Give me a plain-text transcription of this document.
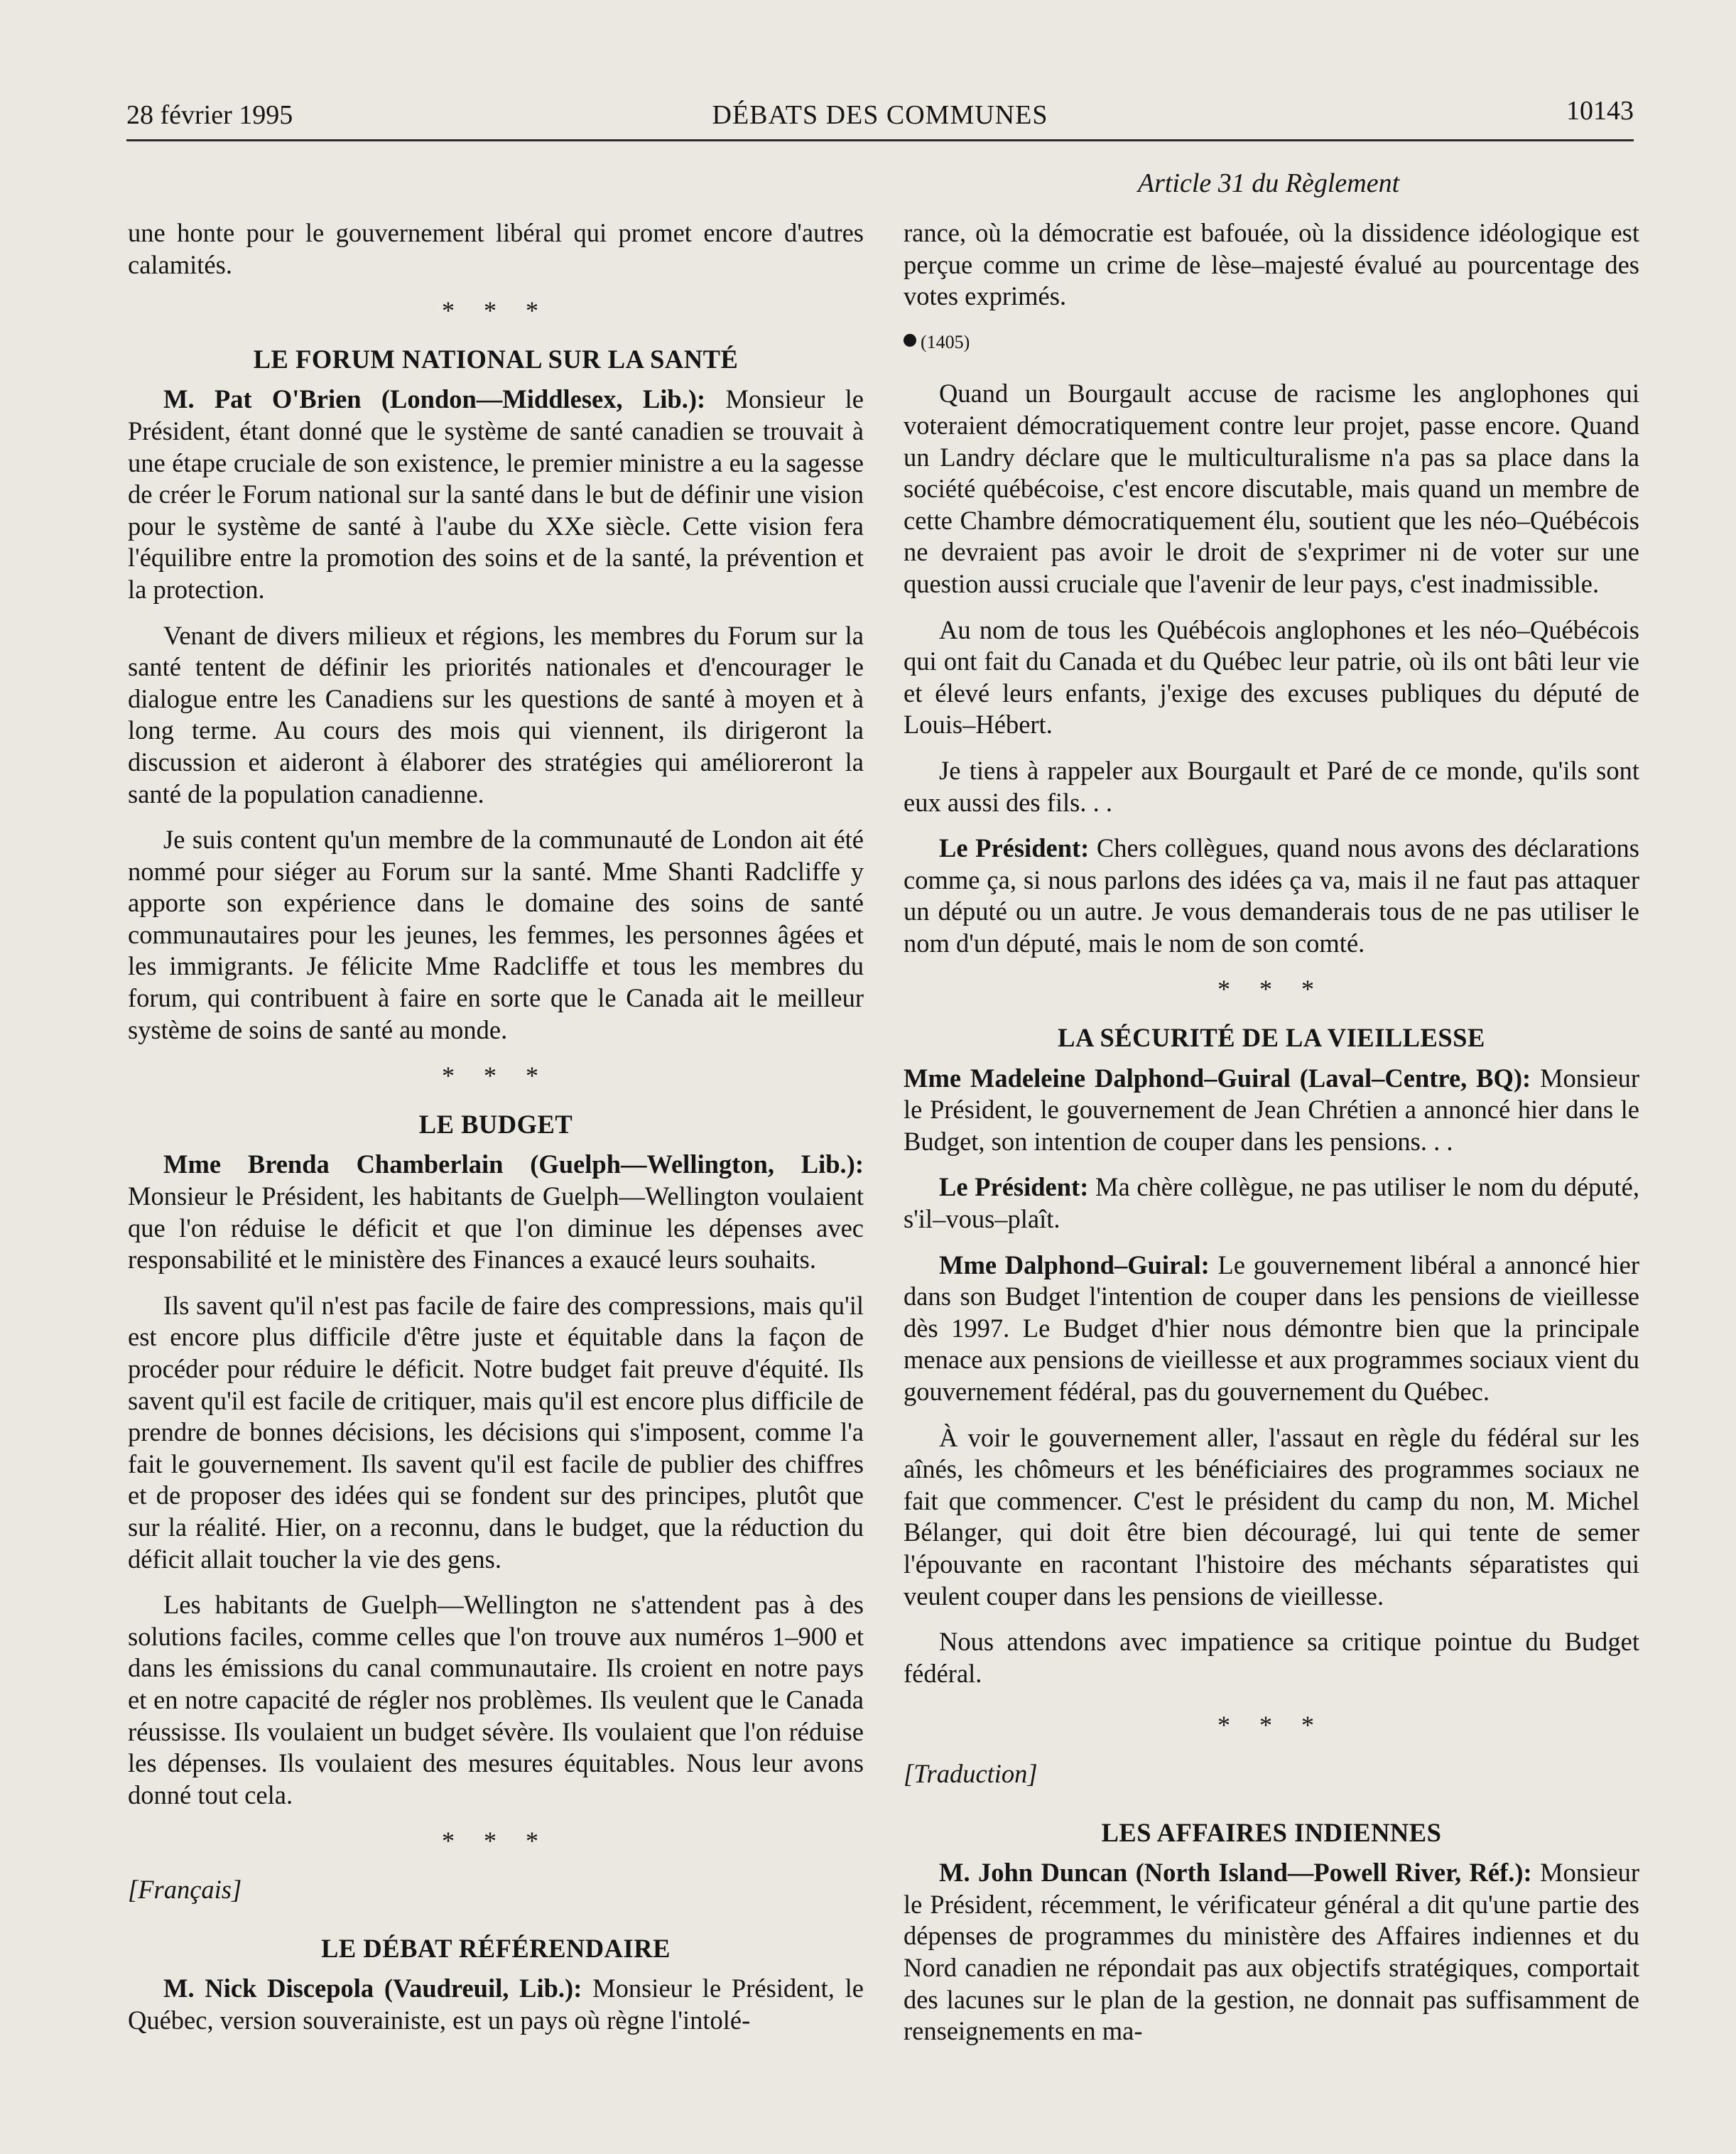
28 février 1995	DÉBATS DES COMMUNES	10143
Article 31 du Règlement

une honte pour le gouvernement libéral qui promet encore d'autres calamités.

* * *
LE FORUM NATIONAL SUR LA SANTÉ

M. Pat O'Brien (London—Middlesex, Lib.): Monsieur le Président, étant donné que le système de santé canadien se trouvait à une étape cruciale de son existence, le premier ministre a eu la sagesse de créer le Forum national sur la santé dans le but de définir une vision pour le système de santé à l'aube du XXe siècle. Cette vision fera l'équilibre entre la promotion des soins et de la santé, la prévention et la protection.

Venant de divers milieux et régions, les membres du Forum sur la santé tentent de définir les priorités nationales et d'encourager le dialogue entre les Canadiens sur les questions de santé à moyen et à long terme. Au cours des mois qui viennent, ils dirigeront la discussion et aideront à élaborer des stratégies qui amélioreront la santé de la population canadienne.

Je suis content qu'un membre de la communauté de London ait été nommé pour siéger au Forum sur la santé. Mme Shanti Radcliffe y apporte son expérience dans le domaine des soins de santé communautaires pour les jeunes, les femmes, les personnes âgées et les immigrants. Je félicite Mme Radcliffe et tous les membres du forum, qui contribuent à faire en sorte que le Canada ait le meilleur système de soins de santé au monde.

* * *
LE BUDGET

Mme Brenda Chamberlain (Guelph—Wellington, Lib.): Monsieur le Président, les habitants de Guelph—Wellington voulaient que l'on réduise le déficit et que l'on diminue les dépenses avec responsabilité et le ministère des Finances a exaucé leurs souhaits.

Ils savent qu'il n'est pas facile de faire des compressions, mais qu'il est encore plus difficile d'être juste et équitable dans la façon de procéder pour réduire le déficit. Notre budget fait preuve d'équité. Ils savent qu'il est facile de critiquer, mais qu'il est encore plus difficile de prendre de bonnes décisions, les décisions qui s'imposent, comme l'a fait le gouvernement. Ils savent qu'il est facile de publier des chiffres et de proposer des idées qui se fondent sur des principes, plutôt que sur la réalité. Hier, on a reconnu, dans le budget, que la réduction du déficit allait toucher la vie des gens.

Les habitants de Guelph—Wellington ne s'attendent pas à des solutions faciles, comme celles que l'on trouve aux numéros 1–900 et dans les émissions du canal communautaire. Ils croient en notre pays et en notre capacité de régler nos problèmes. Ils veulent que le Canada réussisse. Ils voulaient un budget sévère. Ils voulaient que l'on réduise les dépenses. Ils voulaient des mesures équitables. Nous leur avons donné tout cela.

* * *
[Français]
LE DÉBAT RÉFÉRENDAIRE

M. Nick Discepola (Vaudreuil, Lib.): Monsieur le Président, le Québec, version souverainiste, est un pays où règne l'intolé-

rance, où la démocratie est bafouée, où la dissidence idéologique est perçue comme un crime de lèse–majesté évalué au pourcentage des votes exprimés.

(1405)

Quand un Bourgault accuse de racisme les anglophones qui voteraient démocratiquement contre leur projet, passe encore. Quand un Landry déclare que le multiculturalisme n'a pas sa place dans la société québécoise, c'est encore discutable, mais quand un membre de cette Chambre démocratiquement élu, soutient que les néo–Québécois ne devraient pas avoir le droit de s'exprimer ni de voter sur une question aussi cruciale que l'avenir de leur pays, c'est inadmissible.

Au nom de tous les Québécois anglophones et les néo–Québécois qui ont fait du Canada et du Québec leur patrie, où ils ont bâti leur vie et élevé leurs enfants, j'exige des excuses publiques du député de Louis–Hébert.

Je tiens à rappeler aux Bourgault et Paré de ce monde, qu'ils sont eux aussi des fils. . .

Le Président: Chers collègues, quand nous avons des déclarations comme ça, si nous parlons des idées ça va, mais il ne faut pas attaquer un député ou un autre. Je vous demanderais tous de ne pas utiliser le nom d'un député, mais le nom de son comté.

* * *
LA SÉCURITÉ DE LA VIEILLESSE

Mme Madeleine Dalphond–Guiral (Laval–Centre, BQ): Monsieur le Président, le gouvernement de Jean Chrétien a annoncé hier dans le Budget, son intention de couper dans les pensions. . .

Le Président: Ma chère collègue, ne pas utiliser le nom du député, s'il–vous–plaît.

Mme Dalphond–Guiral: Le gouvernement libéral a annoncé hier dans son Budget l'intention de couper dans les pensions de vieillesse dès 1997. Le Budget d'hier nous démontre bien que la principale menace aux pensions de vieillesse et aux programmes sociaux vient du gouvernement fédéral, pas du gouvernement du Québec.

À voir le gouvernement aller, l'assaut en règle du fédéral sur les aînés, les chômeurs et les bénéficiaires des programmes sociaux ne fait que commencer. C'est le président du camp du non, M. Michel Bélanger, qui doit être bien découragé, lui qui tente de semer l'épouvante en racontant l'histoire des méchants séparatistes qui veulent couper dans les pensions de vieillesse.

Nous attendons avec impatience sa critique pointue du Budget fédéral.

* * *
[Traduction]
LES AFFAIRES INDIENNES

M. John Duncan (North Island—Powell River, Réf.): Monsieur le Président, récemment, le vérificateur général a dit qu'une partie des dépenses de programmes du ministère des Affaires indiennes et du Nord canadien ne répondait pas aux objectifs stratégiques, comportait des lacunes sur le plan de la gestion, ne donnait pas suffisamment de renseignements en ma-
